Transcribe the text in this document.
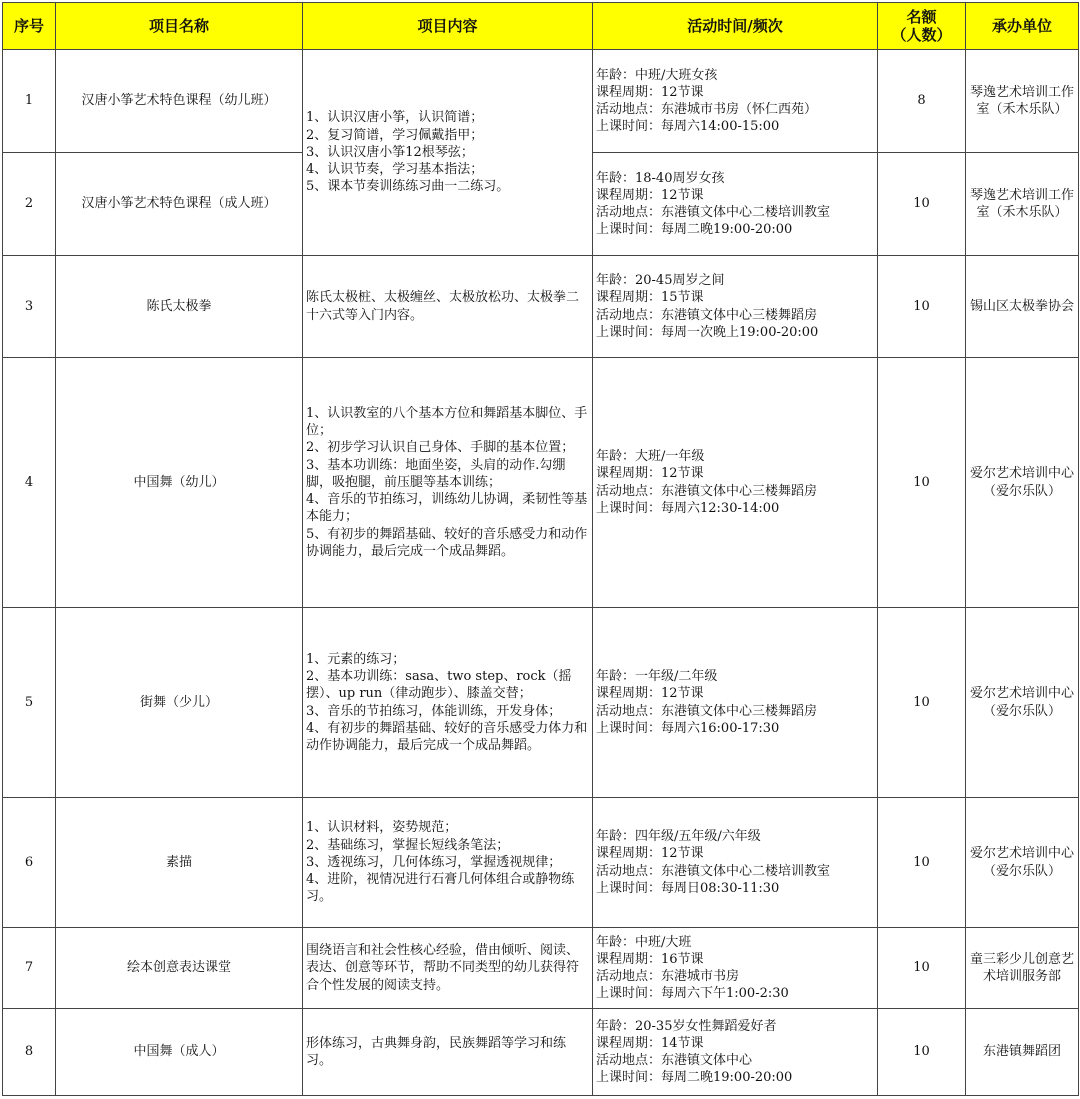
序号	项目名称	项目内容	活动时间/频次	名额
（人数）	承办单位
1	汉唐小筝艺术特色课程（幼儿班）	1、认识汉唐小筝，认识简谱；
2、复习简谱，学习佩戴指甲；
3、认识汉唐小筝12根琴弦；
4、认识节奏，学习基本指法；
5、课本节奏训练练习曲一二练习。	年龄：中班/大班女孩
课程周期：12节课
活动地点：东港城市书房（怀仁西苑）
上课时间：每周六14:00-15:00	8	琴逸艺术培训工作室（禾木乐队）
2	汉唐小筝艺术特色课程（成人班）		年龄：18-40周岁女孩
课程周期：12节课
活动地点：东港镇文体中心二楼培训教室
上课时间：每周二晚19:00-20:00	10	琴逸艺术培训工作室（禾木乐队）
3	陈氏太极拳	陈氏太极桩、太极缠丝、太极放松功、太极拳二十六式等入门内容。	年龄：20-45周岁之间
课程周期：15节课
活动地点：东港镇文体中心三楼舞蹈房
上课时间：每周一次晚上19:00-20:00	10	锡山区太极拳协会
4	中国舞（幼儿）	1、认识教室的八个基本方位和舞蹈基本脚位、手位；
2、初步学习认识自己身体、手脚的基本位置；
3、基本功训练：地面坐姿，头肩的动作.勾绷脚，吸抱腿，前压腿等基本训练；
4、音乐的节拍练习，训练幼儿协调，柔韧性等基本能力；
5、有初步的舞蹈基础、较好的音乐感受力和动作协调能力，最后完成一个成品舞蹈。	年龄：大班/一年级
课程周期：12节课
活动地点：东港镇文体中心三楼舞蹈房
上课时间：每周六12:30-14:00	10	爱尔艺术培训中心（爱尔乐队）
5	街舞（少儿）	1、元素的练习；
2、基本功训练：sasa、two step、rock（摇摆）、up run（律动跑步）、膝盖交替；
3、音乐的节拍练习，体能训练，开发身体；
4、有初步的舞蹈基础、较好的音乐感受力体力和动作协调能力，最后完成一个成品舞蹈。	年龄：一年级/二年级
课程周期：12节课
活动地点：东港镇文体中心三楼舞蹈房
上课时间：每周六16:00-17:30	10	爱尔艺术培训中心（爱尔乐队）
6	素描	1、认识材料，姿势规范；
2、基础练习，掌握长短线条笔法；
3、透视练习，几何体练习，掌握透视规律；
4、进阶，视情况进行石膏几何体组合或静物练习。	年龄：四年级/五年级/六年级
课程周期：12节课
活动地点：东港镇文体中心二楼培训教室
上课时间：每周日08:30-11:30	10	爱尔艺术培训中心（爱尔乐队）
7	绘本创意表达课堂	围绕语言和社会性核心经验，借由倾听、阅读、表达、创意等环节，帮助不同类型的幼儿获得符合个性发展的阅读支持。	年龄：中班/大班
课程周期：16节课
活动地点：东港城市书房
上课时间：每周六下午1:00-2:30	10	童三彩少儿创意艺术培训服务部
8	中国舞（成人）	形体练习，古典舞身韵，民族舞蹈等学习和练习。	年龄：20-35岁女性舞蹈爱好者
课程周期：14节课
活动地点：东港镇文体中心
上课时间：每周二晚19:00-20:00	10	东港镇舞蹈团
